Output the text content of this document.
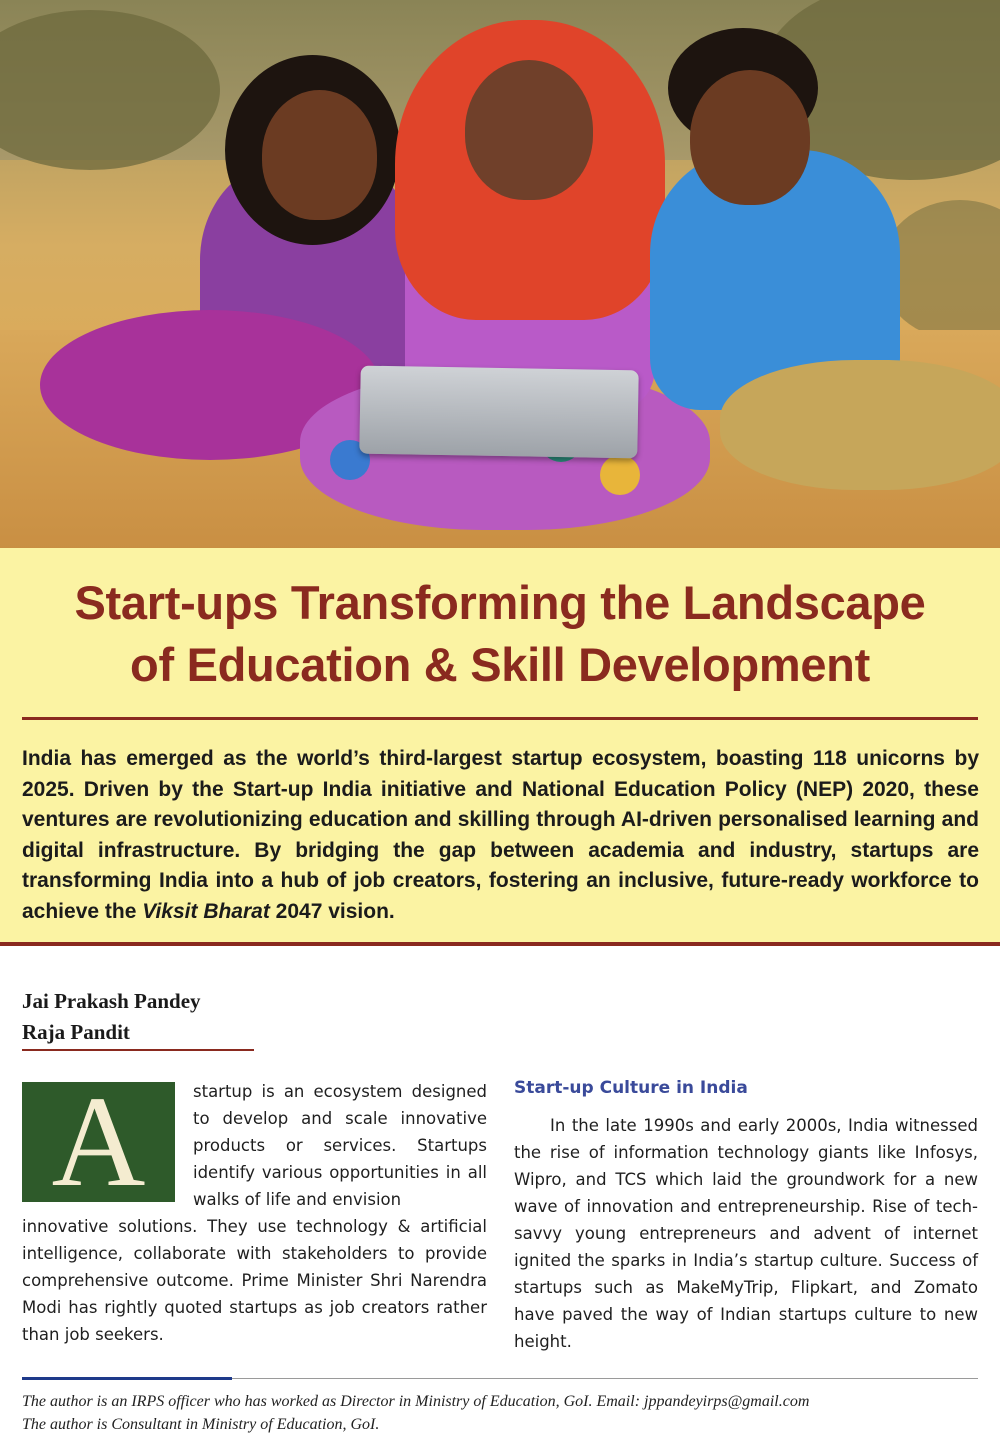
Start-ups Transforming the Landscape
of Education & Skill Development

India has emerged as the world’s third-largest startup ecosystem, boasting 118 unicorns by 2025. Driven by the Start-up India initiative and National Education Policy (NEP) 2020, these ventures are revolutionizing education and skilling through AI-driven personalised learning and digital infrastructure. By bridging the gap between academia and industry, startups are transforming India into a hub of job creators, fostering an inclusive, future-ready workforce to achieve the Viksit Bharat 2047 vision.

Jai Prakash Pandey
Raja Pandit
A	startup is an ecosystem designed to develop and scale innovative products or services. Startups identify various opportunities in all walks of life and envision

innovative solutions. They use technology & artificial intelligence, collaborate with stakeholders to provide comprehensive outcome. Prime Minister Shri Narendra Modi has rightly quoted startups as job creators rather than job seekers.

Start-up Culture in India

In the late 1990s and early 2000s, India witnessed the rise of information technology giants like Infosys, Wipro, and TCS which laid the groundwork for a new wave of innovation and entrepreneurship. Rise of tech-savvy young entrepreneurs and advent of internet ignited the sparks in India’s startup culture. Success of startups such as MakeMyTrip, Flipkart, and Zomato have paved the way of Indian startups culture to new height.

The author is an IRPS officer who has worked as Director in Ministry of Education, GoI. Email: jppandeyirps@gmail.com
The author is Consultant in Ministry of Education, GoI.
